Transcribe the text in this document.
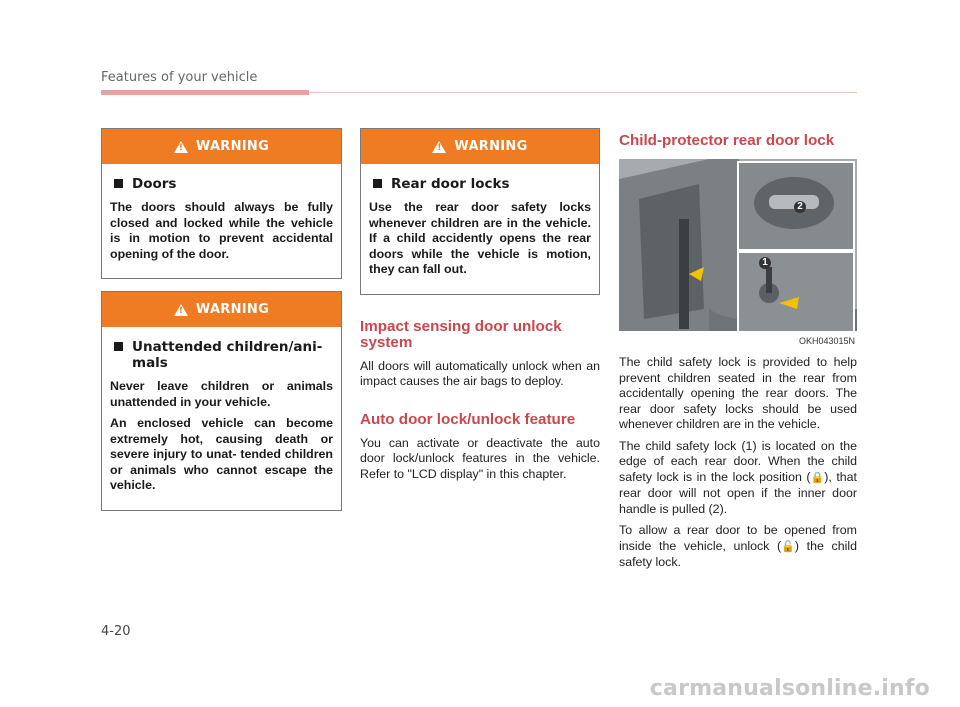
Features of your vehicle
! WARNING
Doors

The doors should always be fully closed and locked while the vehicle is in motion to prevent accidental opening of the door.

! WARNING
Unattended children/ani- mals

Never leave children or animals unattended in your vehicle.

An enclosed vehicle can become extremely hot, causing death or severe injury to unat- tended children or animals who cannot escape the vehicle.

! WARNING
Rear door locks

Use the rear door safety locks whenever children are in the vehicle. If a child accidently opens the rear doors while the vehicle is motion, they can fall out.

Impact sensing door unlock system

All doors will automatically unlock when an impact causes the air bags to deploy.

Auto door lock/unlock feature

You can activate or deactivate the auto door lock/unlock features in the vehicle. Refer to "LCD display" in this chapter.

Child-protector rear door lock
2
1
OKH043015N

The child safety lock is provided to help prevent children seated in the rear from accidentally opening the rear doors. The rear door safety locks should be used whenever children are in the vehicle.

The child safety lock (1) is located on the edge of each rear door. When the child safety lock is in the lock position (🔒), that rear door will not open if the inner door handle is pulled (2).

To allow a rear door to be opened from inside the vehicle, unlock (🔓) the child safety lock.

4-20
carmanualsonline.info
